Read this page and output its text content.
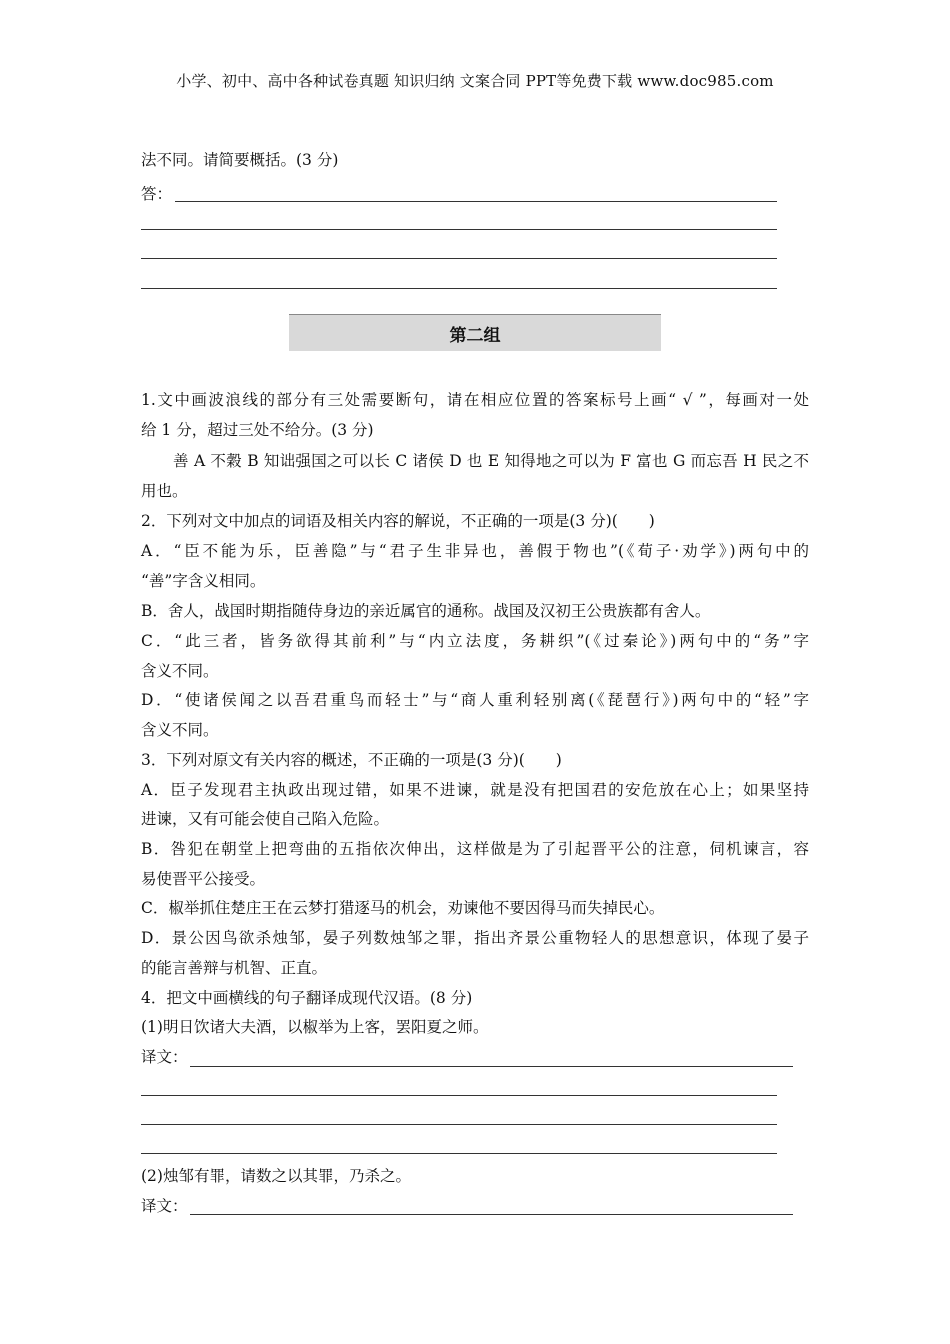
小学、初中、高中各种试卷真题 知识归纳 文案合同 PPT等免费下载 www.doc985.com
法不同。请简要概括。(3 分)
答：
第二组
1.文中画波浪线的部分有三处需要断句，请在相应位置的答案标号上画“ √ ”，每画对一处
给 1 分，超过三处不给分。(3 分)
善 A 不穀 B 知诎强国之可以长 C 诸侯 D 也 E 知得地之可以为 F 富也 G 而忘吾 H 民之不
用也。
2．下列对文中加点的词语及相关内容的解说，不正确的一项是(3 分)(　　)
A．“臣不能为乐，臣善隐”与“君子生非异也，善假于物也”(《荀子·劝学》)两句中的
“善”字含义相同。
B．舍人，战国时期指随侍身边的亲近属官的通称。战国及汉初王公贵族都有舍人。
C．“此三者，皆务欲得其前利”与“内立法度，务耕织”(《过秦论》)两句中的“务”字
含义不同。
D．“使诸侯闻之以吾君重鸟而轻士”与“商人重利轻别离(《琵琶行》)两句中的“轻”字
含义不同。
3．下列对原文有关内容的概述，不正确的一项是(3 分)(　　)
A．臣子发现君主执政出现过错，如果不进谏，就是没有把国君的安危放在心上；如果坚持
进谏，又有可能会使自己陷入危险。
B．咎犯在朝堂上把弯曲的五指依次伸出，这样做是为了引起晋平公的注意，伺机谏言，容
易使晋平公接受。
C．椒举抓住楚庄王在云梦打猎逐马的机会，劝谏他不要因得马而失掉民心。
D．景公因鸟欲杀烛邹，晏子列数烛邹之罪，指出齐景公重物轻人的思想意识，体现了晏子
的能言善辩与机智、正直。
4．把文中画横线的句子翻译成现代汉语。(8 分)
(1)明日饮诸大夫酒，以椒举为上客，罢阳夏之师。
译文：
(2)烛邹有罪，请数之以其罪，乃杀之。
译文：
